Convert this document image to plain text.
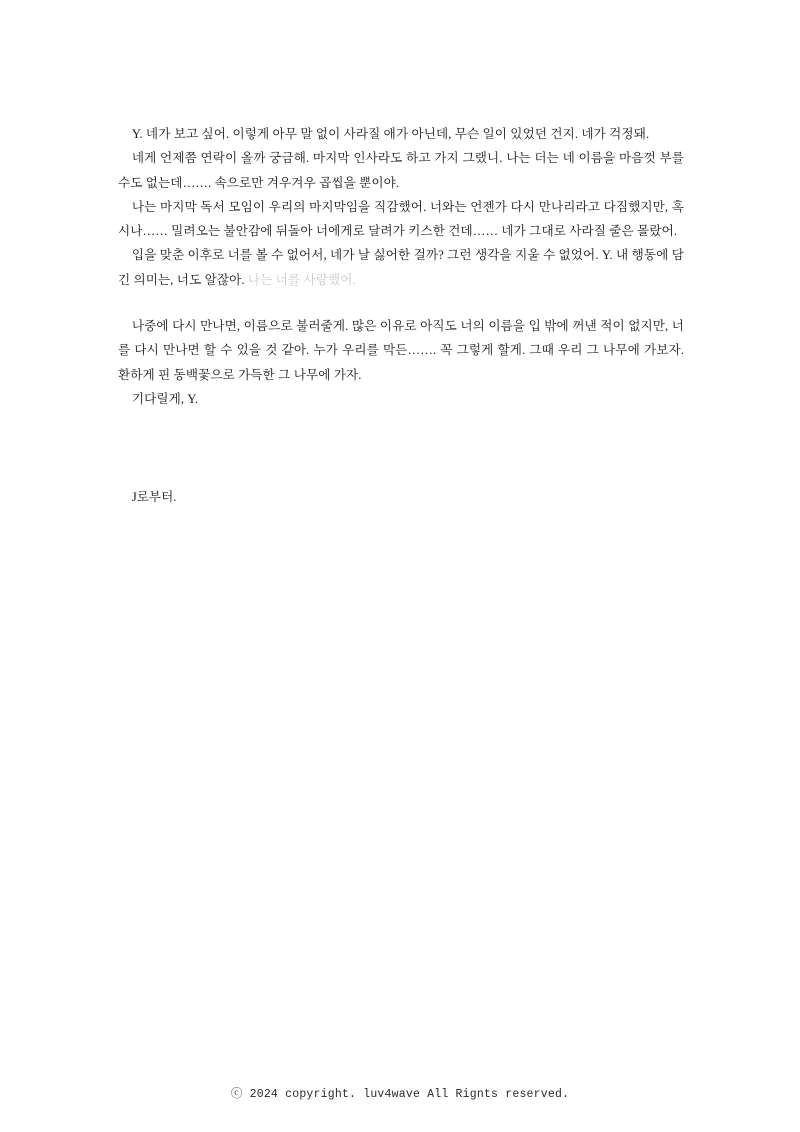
Y. 네가 보고 싶어. 이렇게 아무 말 없이 사라질 애가 아닌데, 무슨 일이 있었던 건지. 네가 걱정돼.

네게 언제쯤 연락이 올까 궁금해. 마지막 인사라도 하고 가지 그랬니. 나는 더는 네 이름을 마음껏 부를 수도 없는데……. 속으로만 겨우겨우 곱씹을 뿐이야.

나는 마지막 독서 모임이 우리의 마지막임을 직감했어. 너와는 언젠가 다시 만나리라고 다짐했지만, 혹시나…… 밀려오는 불안감에 뒤돌아 너에게로 달려가 키스한 건데…… 네가 그대로 사라질 줄은 몰랐어.

입을 맞춘 이후로 너를 볼 수 없어서, 네가 날 싫어한 걸까? 그런 생각을 지울 수 없었어. Y. 내 행동에 담긴 의미는, 너도 알잖아. 나는 너를 사랑했어.

나중에 다시 만나면, 이름으로 불러줄게. 많은 이유로 아직도 너의 이름을 입 밖에 꺼낸 적이 없지만, 너를 다시 만나면 할 수 있을 것 같아. 누가 우리를 막든……. 꼭 그렇게 할게. 그때 우리 그 나무에 가보자. 환하게 핀 동백꽃으로 가득한 그 나무에 가자.

기다릴게, Y.

J로부터.

ⓒ 2024 copyright. luv4wave All Rignts reserved.
